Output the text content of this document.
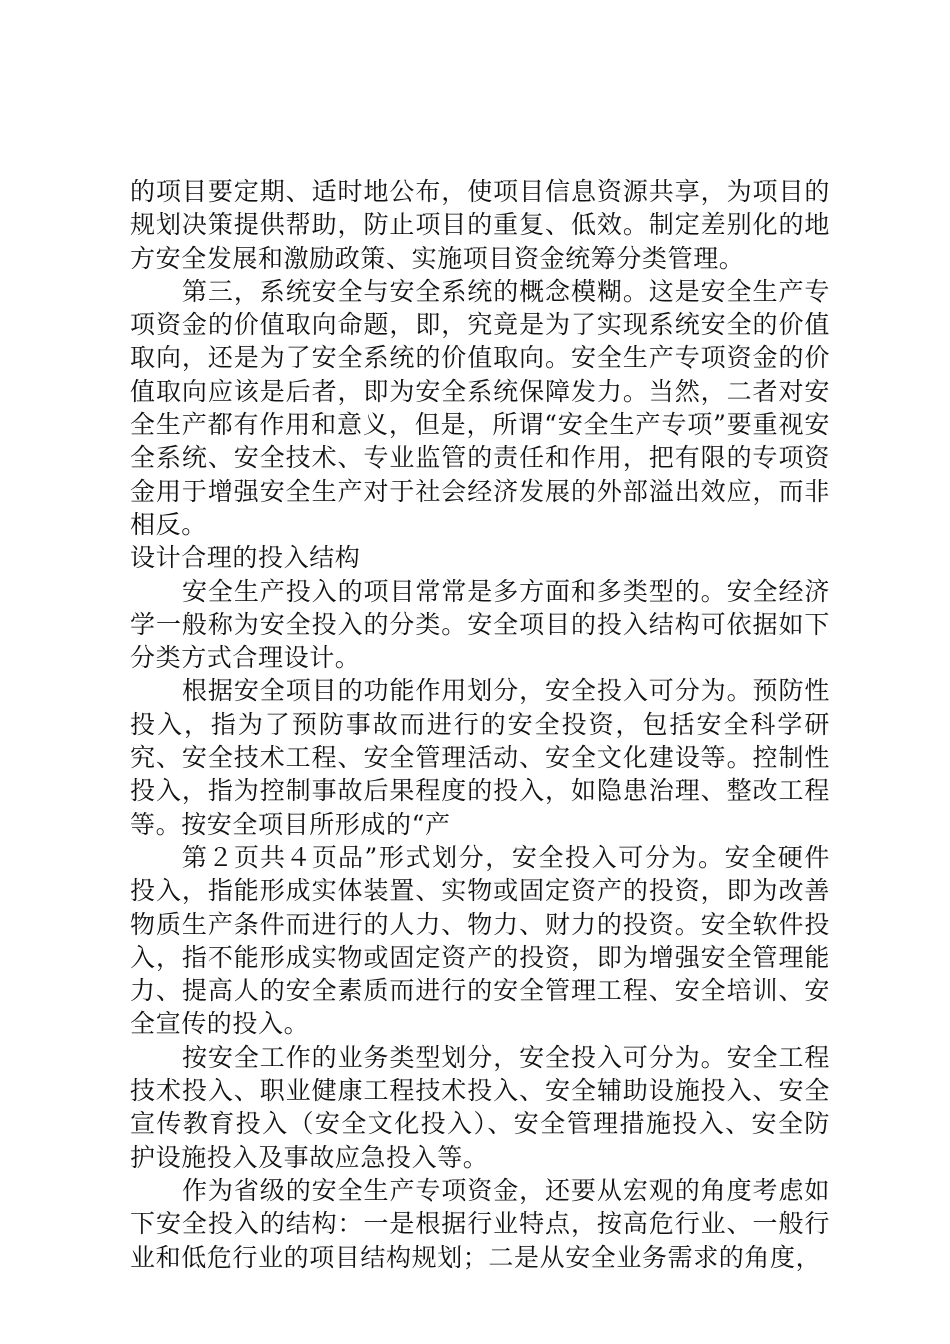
的项目要定期、适时地公布，使项目信息资源共享，为项目的规划决策提供帮助，防止项目的重复、低效。制定差别化的地方安全发展和激励政策、实施项目资金统筹分类管理。

第三，系统安全与安全系统的概念模糊。这是安全生产专项资金的价值取向命题，即，究竟是为了实现系统安全的价值取向，还是为了安全系统的价值取向。安全生产专项资金的价值取向应该是后者，即为安全系统保障发力。当然，二者对安全生产都有作用和意义，但是，所谓“安全生产专项”要重视安全系统、安全技术、专业监管的责任和作用，把有限的专项资金用于增强安全生产对于社会经济发展的外部溢出效应，而非相反。

设计合理的投入结构

安全生产投入的项目常常是多方面和多类型的。安全经济学一般称为安全投入的分类。安全项目的投入结构可依据如下分类方式合理设计。

根据安全项目的功能作用划分，安全投入可分为。预防性投入，指为了预防事故而进行的安全投资，包括安全科学研究、安全技术工程、安全管理活动、安全文化建设等。控制性投入，指为控制事故后果程度的投入，如隐患治理、整改工程等。按安全项目所形成的“产

第２页共４页品”形式划分，安全投入可分为。安全硬件投入，指能形成实体装置、实物或固定资产的投资，即为改善物质生产条件而进行的人力、物力、财力的投资。安全软件投入，指不能形成实物或固定资产的投资，即为增强安全管理能力、提高人的安全素质而进行的安全管理工程、安全培训、安全宣传的投入。

按安全工作的业务类型划分，安全投入可分为。安全工程技术投入、职业健康工程技术投入、安全辅助设施投入、安全宣传教育投入（安全文化投入）、安全管理措施投入、安全防护设施投入及事故应急投入等。

作为省级的安全生产专项资金，还要从宏观的角度考虑如下安全投入的结构：一是根据行业特点，按高危行业、一般行业和低危行业的项目结构规划；二是从安全业务需求的角度，
